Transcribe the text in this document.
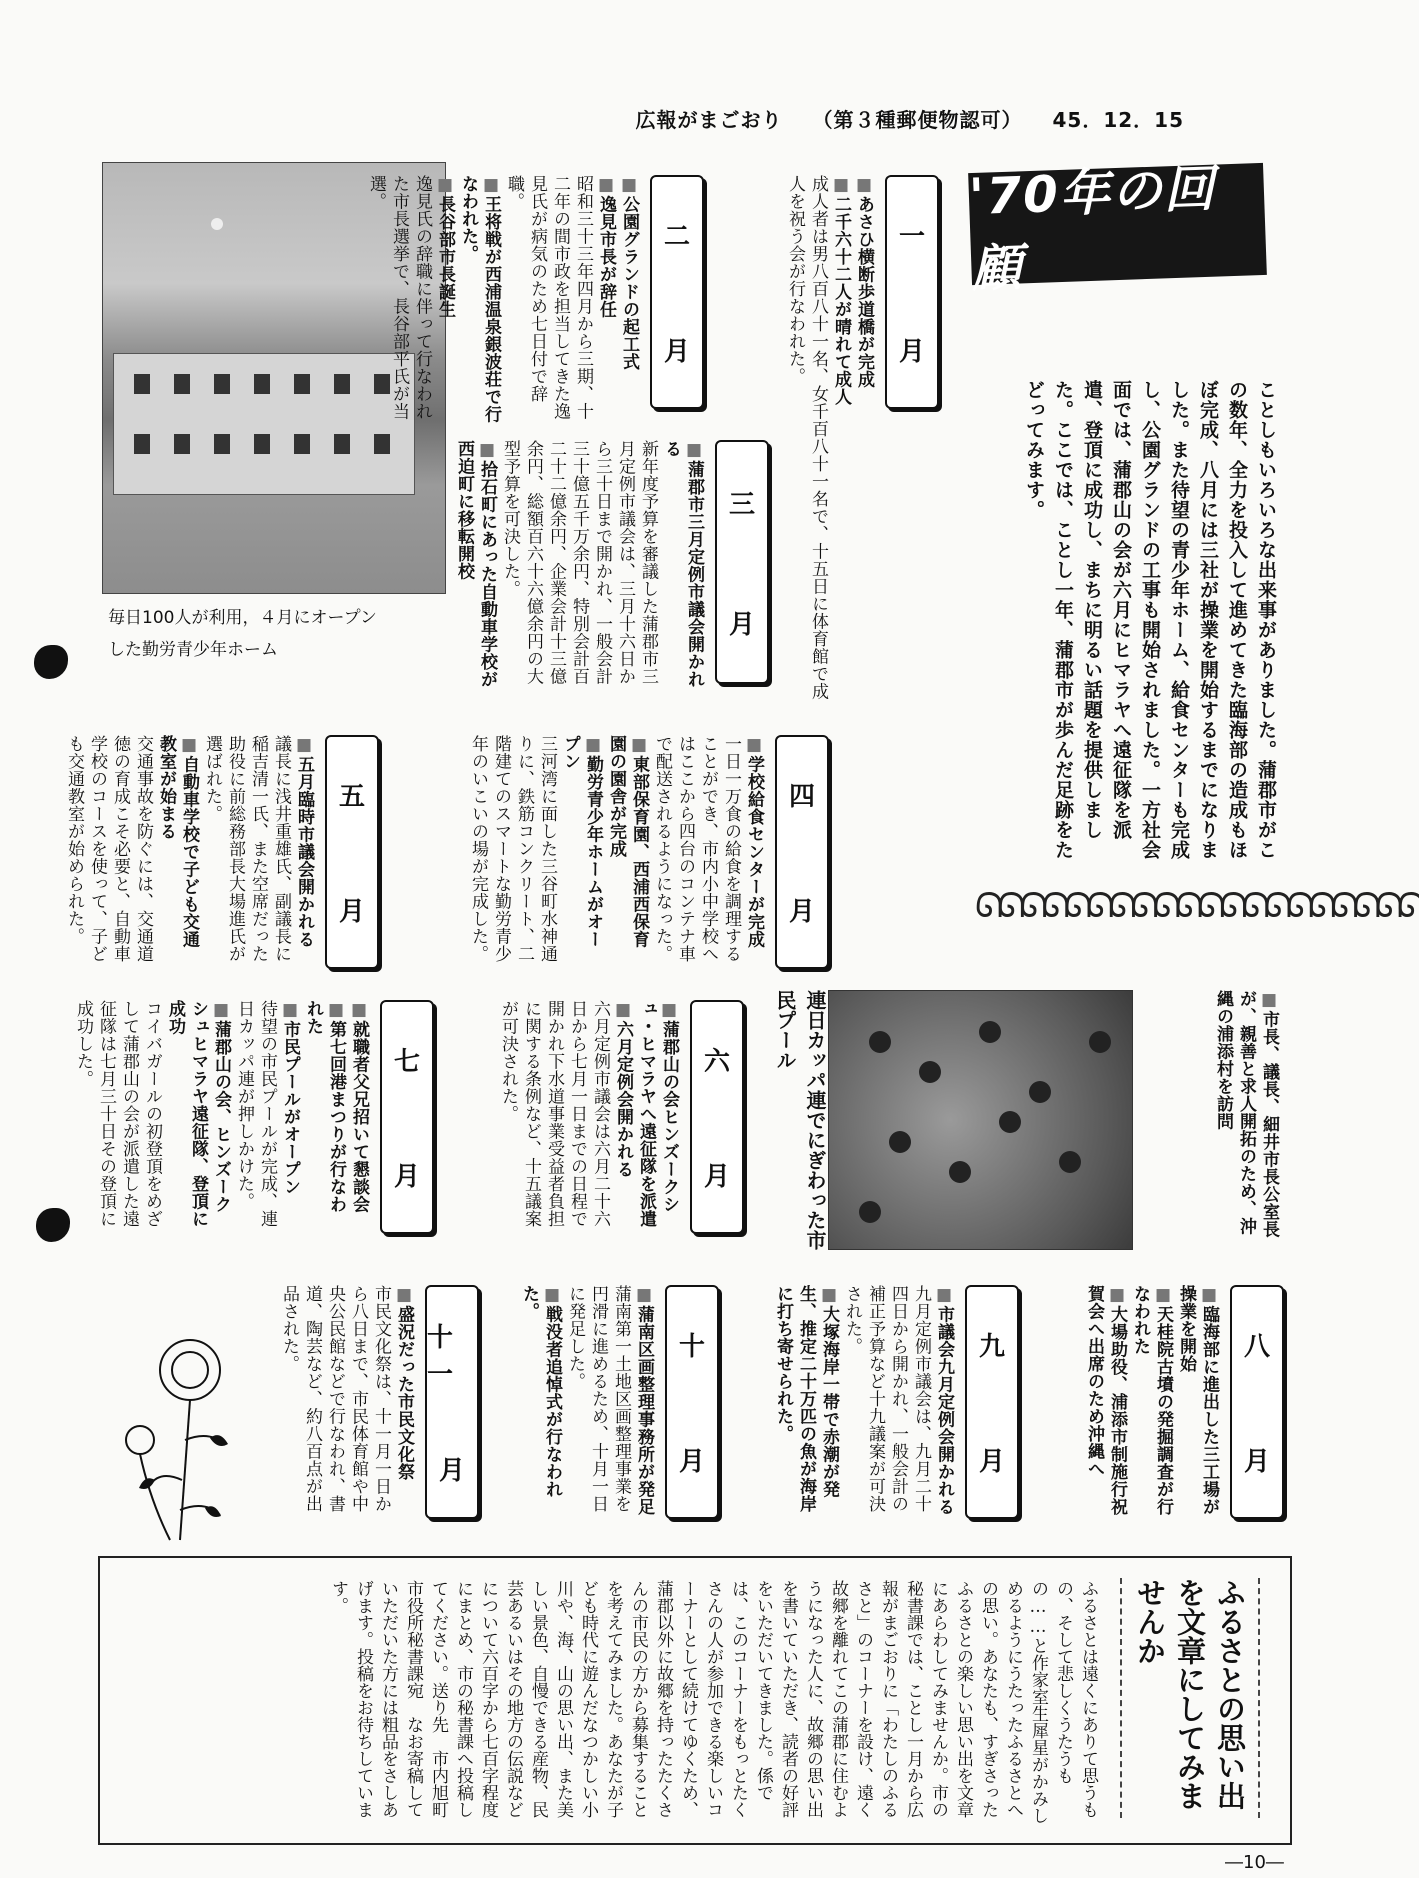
広報がまごおり （第３種郵便物認可） 45．12．15
'70年の回顧
ことしもいろいろな出来事がありました。蒲郡市がこの数年、全力を投入して進めてきた臨海部の造成もほぼ完成、八月には三社が操業を開始するまでになりました。また待望の青少年ホーム、給食センターも完成し、公園グランドの工事も開始されました。一方社会面では、蒲郡山の会が六月にヒマラヤへ遠征隊を派遣、登頂に成功し、まちに明るい話題を提供しました。ここでは、ことし一年、蒲郡市が歩んだ足跡をたどってみます。
ᘏᘏᘏᘏᘏᘏᘏᘏᘏᘏᘏᘏᘏᘏᘏᘏᘏᘏᘏᘏ
毎日100人が利用，４月にオープン
した勤労青少年ホーム
連日カッパ連でにぎわった市民プール
一
月
二
月
三
月
四
月
五
月
六
月
七
月
八
月
九
月
十
月
十一
月
■ あさひ横断歩道橋が完成
■ 二千六十二人が晴れて成人
成人者は男八百八十一名、女千百八十一名で、十五日に体育館で成人を祝う会が行なわれた。
■ 公園グランドの起工式
■ 逸見市長が辞任
昭和三十三年四月から三期、十二年の間市政を担当してきた逸見氏が病気のため七日付で辞職。
■ 王将戦が西浦温泉銀波荘で行なわれた。
■ 長谷部市長誕生
逸見氏の辞職に伴って行なわれた市長選挙で、長谷部平氏が当選。
■ 蒲郡市三月定例市議会開かれる
新年度予算を審議した蒲郡市三月定例市議会は、三月十六日から三十日まで開かれ、一般会計三十億五千万余円、特別会計百二十二億余円、企業会計十三億余円、総額百六十六億余円の大型予算を可決した。
■ 拾石町にあった自動車学校が西迫町に移転開校
■ 学校給食センターが完成
一日一万食の給食を調理することができ、市内小中学校へはここから四台のコンテナ車で配送されるようになった。
■ 東部保育園、西浦西保育園の園舎が完成
■ 勤労青少年ホームがオープン
三河湾に面した三谷町水神通りに、鉄筋コンクリート、二階建てのスマートな勤労青少年のいこいの場が完成した。
■ 五月臨時市議会開かれる
議長に浅井重雄氏、副議長に稲吉清一氏、また空席だった助役に前総務部長大場進氏が選ばれた。
■ 自動車学校で子ども交通教室が始まる
交通事故を防ぐには、交通道徳の育成こそ必要と、自動車学校のコースを使って、子ども交通教室が始められた。
■ 市長、議長、細井市長公室長が、親善と求人開拓のため、沖縄の浦添村を訪問
■ 蒲郡山の会ヒンズークシュ・ヒマラヤへ遠征隊を派遣
■ 六月定例会開かれる
六月定例市議会は六月二十六日から七月一日までの日程で開かれ下水道事業受益者負担に関する条例など、十五議案が可決された。
■ 就職者父兄招いて懇談会
■ 第七回港まつりが行なわれた
■ 市民プールがオープン
待望の市民プールが完成、連日カッパ連が押しかけた。
■ 蒲郡山の会、ヒンズークシュヒマラヤ遠征隊、登頂に成功
コイバガールの初登頂をめざして蒲郡山の会が派遣した遠征隊は七月三十日その登頂に成功した。
■ 臨海部に進出した三工場が操業を開始
■ 天桂院古墳の発掘調査が行なわれた
■ 大場助役、浦添市制施行祝賀会へ出席のため沖縄へ
■ 市議会九月定例会開かれる
九月定例市議会は、九月二十四日から開かれ、一般会計の補正予算など十九議案が可決された。
■ 大塚海岸一帯で赤潮が発生、推定二十万匹の魚が海岸に打ち寄せられた。
■ 蒲南区画整理事務所が発足
蒲南第一土地区画整理事業を円滑に進めるため、十月一日に発足した。
■ 戦没者追悼式が行なわれた。
■ 盛況だった市民文化祭
市民文化祭は、十一月一日から八日まで、市民体育館や中央公民館などで行なわれ、書道、陶芸など、約八百点が出品された。
ふるさとの思い出を文章にしてみませんか
ふるさとは遠くにありて思うもの、そして悲しくうたうもの……と作家室生犀星がかみしめるようにうたったふるさとへの思い。あなたも、すぎさったふるさとの楽しい思い出を文章にあらわしてみませんか。市の秘書課では、ことし一月から広報がまごおりに「わたしのふるさと」のコーナーを設け、遠く故郷を離れてこの蒲郡に住むようになった人に、故郷の思い出を書いていただき、読者の好評をいただいてきました。係では、このコーナーをもっとたくさんの人が参加できる楽しいコーナーとして続けてゆくため、蒲郡以外に故郷を持ったたくさんの市民の方から募集することを考えてみました。あなたが子ども時代に遊んだなつかしい小川や、海、山の思い出、また美しい景色、自慢できる産物、民芸あるいはその地方の伝説などについて六百字から七百字程度にまとめ、市の秘書課へ投稿してください。送り先　市内旭町　市役所秘書課宛　なお寄稿していただいた方には粗品をさしあげます。投稿をお待ちしています。
―10―
